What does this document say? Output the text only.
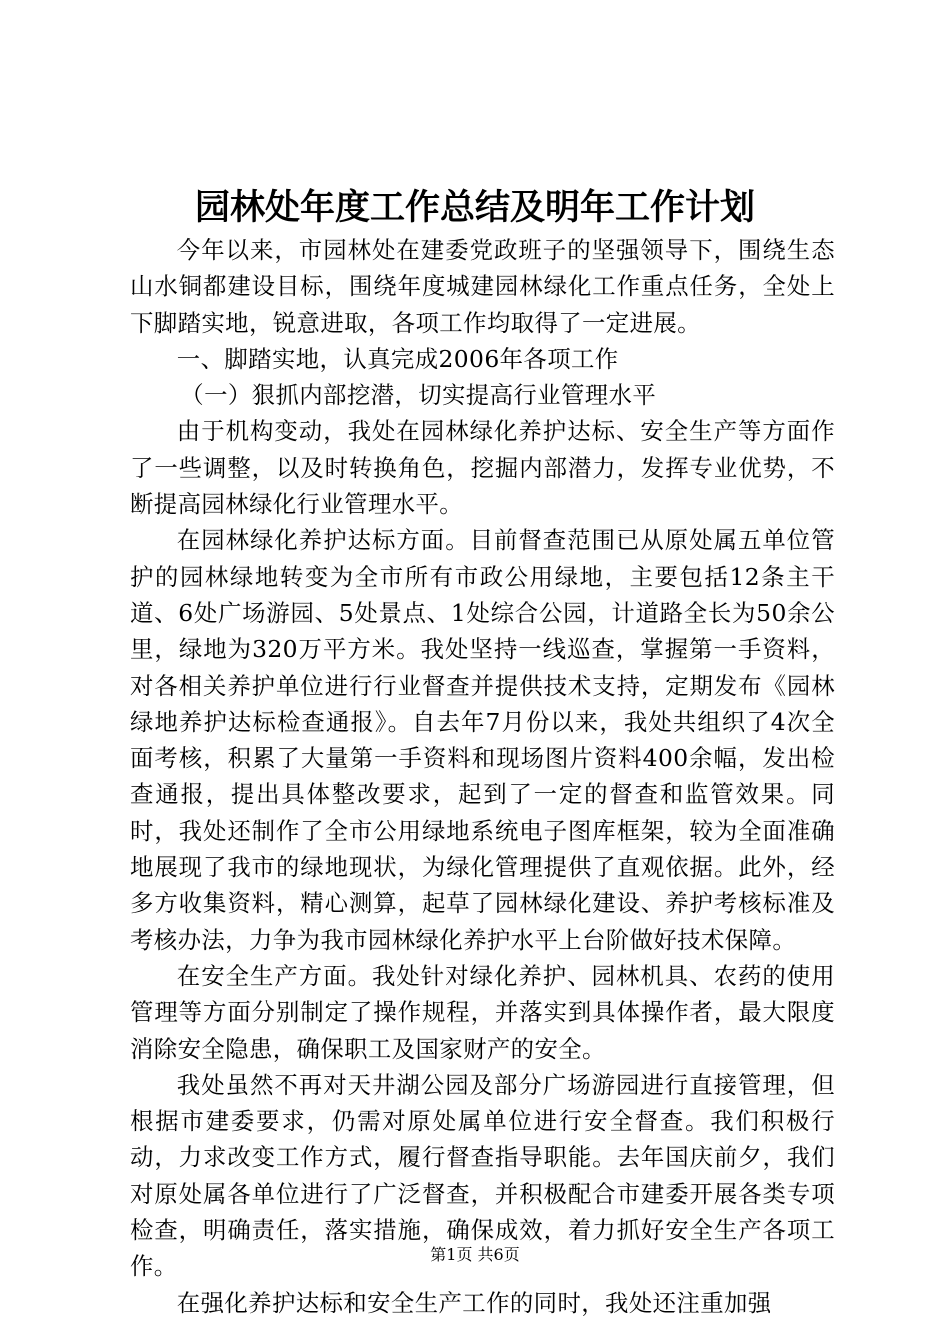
园林处年度工作总结及明年工作计划

今年以来，市园林处在建委党政班子的坚强领导下，围绕生态山水铜都建设目标，围绕年度城建园林绿化工作重点任务，全处上下脚踏实地，锐意进取，各项工作均取得了一定进展。

一、脚踏实地，认真完成2006年各项工作

（一）狠抓内部挖潜，切实提高行业管理水平

由于机构变动，我处在园林绿化养护达标、安全生产等方面作了一些调整，以及时转换角色，挖掘内部潜力，发挥专业优势，不断提高园林绿化行业管理水平。

在园林绿化养护达标方面。目前督查范围已从原处属五单位管护的园林绿地转变为全市所有市政公用绿地，主要包括12条主干道、6处广场游园、5处景点、1处综合公园，计道路全长为50余公里，绿地为320万平方米。我处坚持一线巡查，掌握第一手资料，对各相关养护单位进行行业督查并提供技术支持，定期发布《园林绿地养护达标检查通报》。自去年7月份以来，我处共组织了4次全面考核，积累了大量第一手资料和现场图片资料400余幅，发出检查通报，提出具体整改要求，起到了一定的督查和监管效果。同时，我处还制作了全市公用绿地系统电子图库框架，较为全面准确地展现了我市的绿地现状，为绿化管理提供了直观依据。此外，经多方收集资料，精心测算，起草了园林绿化建设、养护考核标准及考核办法，力争为我市园林绿化养护水平上台阶做好技术保障。

在安全生产方面。我处针对绿化养护、园林机具、农药的使用管理等方面分别制定了操作规程，并落实到具体操作者，最大限度消除安全隐患，确保职工及国家财产的安全。

我处虽然不再对天井湖公园及部分广场游园进行直接管理，但根据市建委要求，仍需对原处属单位进行安全督查。我们积极行动，力求改变工作方式，履行督查指导职能。去年国庆前夕，我们对原处属各单位进行了广泛督查，并积极配合市建委开展各类专项检查，明确责任，落实措施，确保成效，着力抓好安全生产各项工作。

在强化养护达标和安全生产工作的同时，我处还注重加强

第1页 共6页
